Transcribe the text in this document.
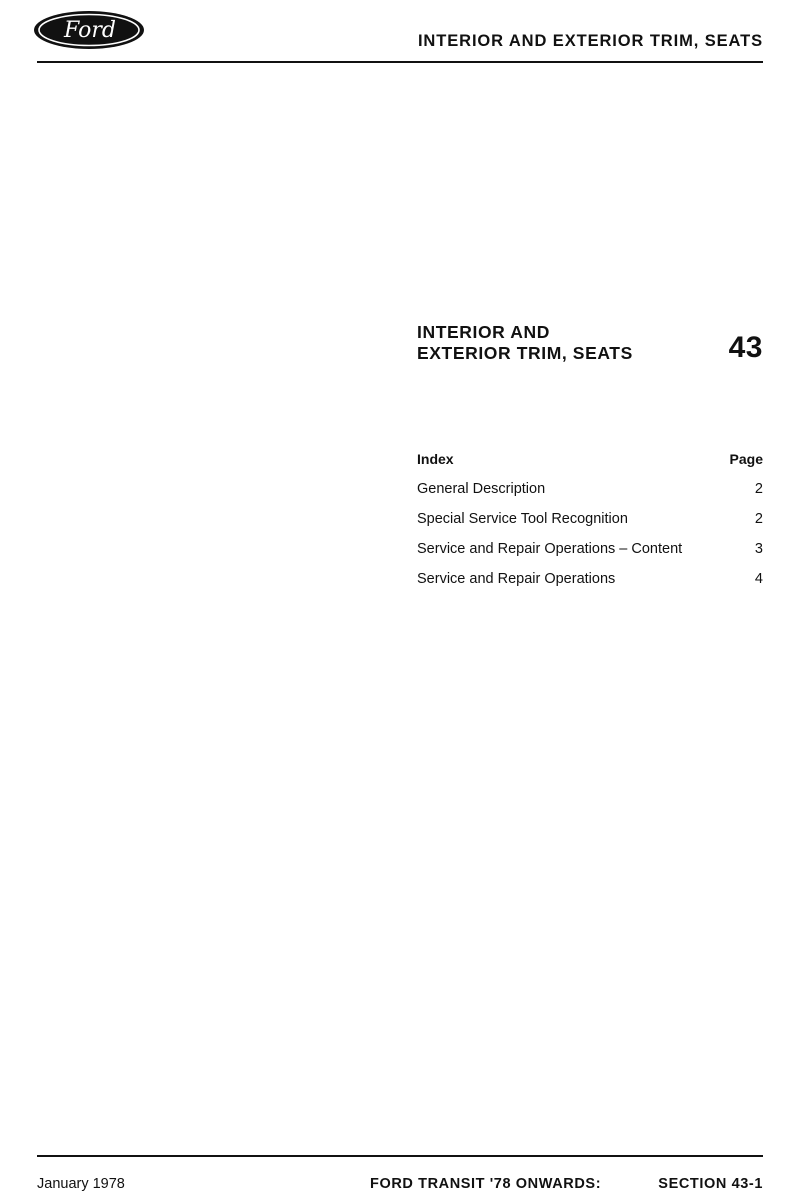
Ford	INTERIOR AND EXTERIOR TRIM, SEATS
INTERIOR AND
EXTERIOR TRIM, SEATS	43
Index	Page
General Description	2
Special Service Tool Recognition	2
Service and Repair Operations – Content	3
Service and Repair Operations	4
January 1978	FORD TRANSIT '78 ONWARDS:	SECTION 43-1
